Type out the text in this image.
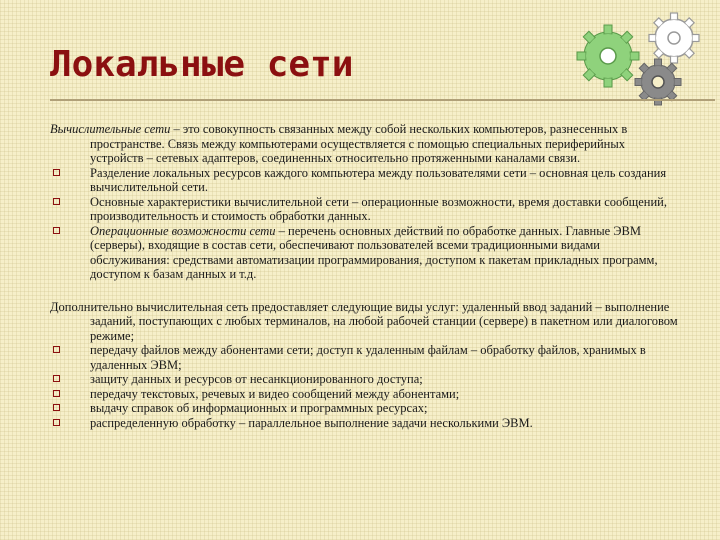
Локальные сети

Вычислительные сети – это совокупность связанных между собой нескольких компьютеров, разнесенных в пространстве. Связь между компьютерами осуществляется с помощью специальных периферийных устройств – сетевых адаптеров, соединенных относительно протяженными каналами связи.

Разделение локальных ресурсов каждого компьютера между пользователями сети – основная цель создания вычислительной сети.

Основные характеристики вычислительной сети – операционные возможности, время доставки сообщений, производительность и стоимость обработки данных.

Операционные возможности сети – перечень основных действий по обработке данных. Главные ЭВМ (серверы), входящие в состав сети, обеспечивают пользователей всеми традиционными видами обслуживания: средствами автоматизации программирования, доступом к пакетам прикладных программ, доступом к базам данных и т.д.

Дополнительно вычислительная сеть предоставляет следующие виды услуг: удаленный ввод заданий – выполнение заданий, поступающих с любых терминалов, на любой рабочей станции (сервере) в пакетном или диалоговом режиме;

передачу файлов между абонентами сети; доступ к удаленным файлам – обработку файлов, хранимых в удаленных ЭВМ;

защиту данных и ресурсов от несанкционированного доступа;

передачу текстовых, речевых и видео сообщений между абонентами;

выдачу справок об информационных и программных ресурсах;

распределенную обработку – параллельное выполнение задачи несколькими ЭВМ.
